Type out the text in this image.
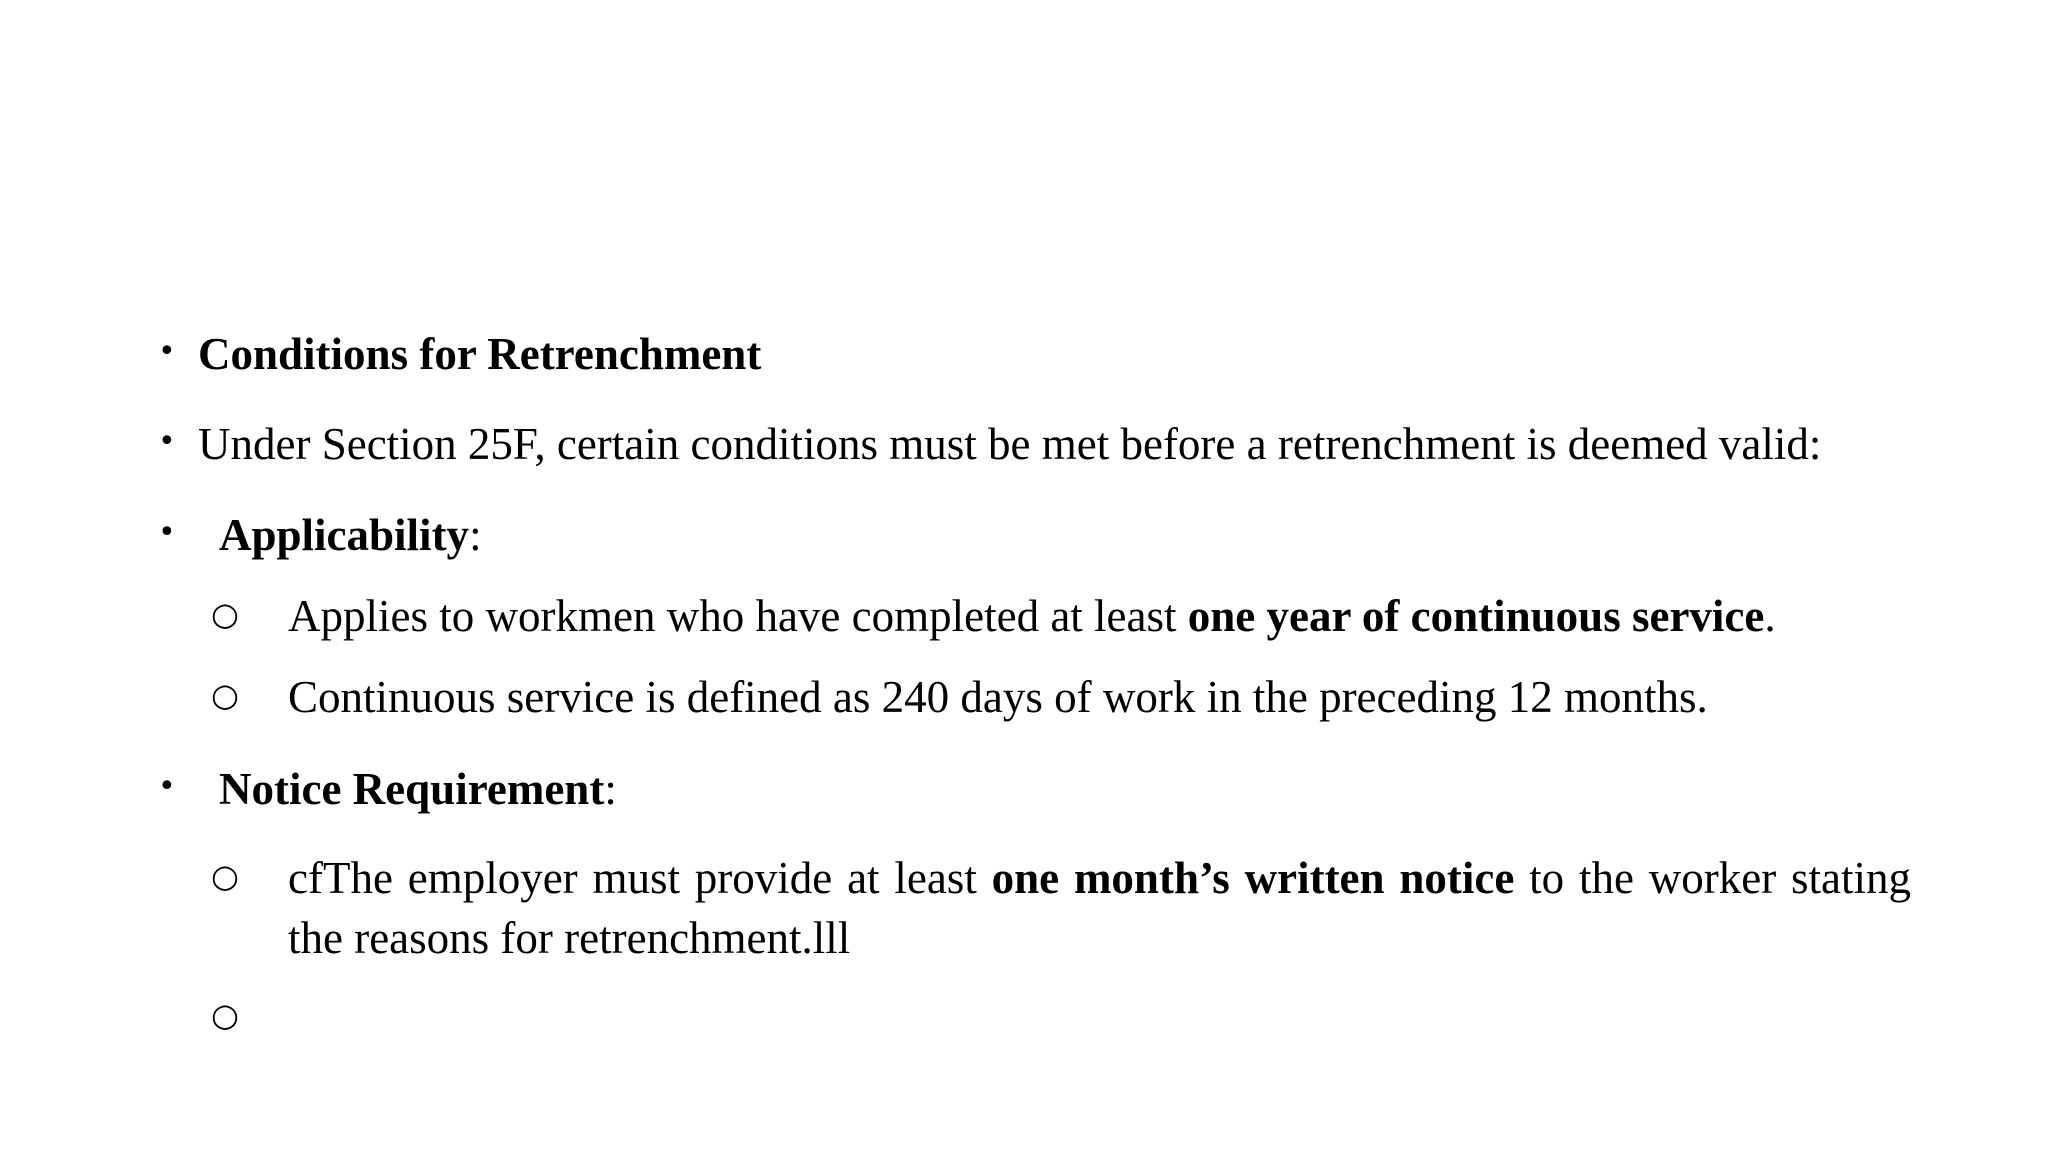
• Conditions for Retrenchment
• Under Section 25F, certain conditions must be met before a retrenchment is deemed valid:
• Applicability:
○ Applies to workmen who have completed at least one year of continuous service.
○ Continuous service is defined as 240 days of work in the preceding 12 months.
• Notice Requirement:
○ cfThe employer must provide at least one month’s written notice to the worker stating the reasons for retrenchment.lll
○
